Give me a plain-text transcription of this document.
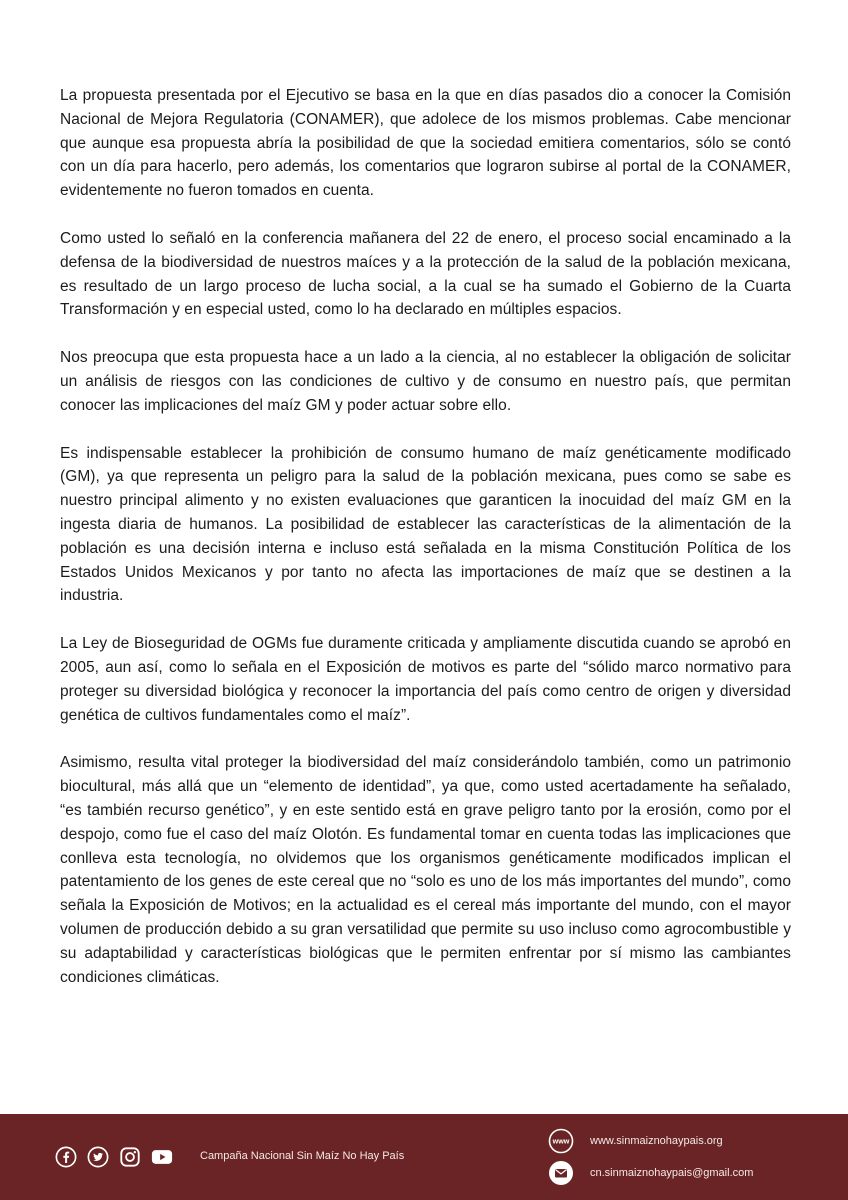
La propuesta presentada por el Ejecutivo se basa en la que en días pasados dio a conocer la Comisión Nacional de Mejora Regulatoria (CONAMER), que adolece de los mismos problemas. Cabe mencionar que aunque esa propuesta abría la posibilidad de que la sociedad emitiera comentarios, sólo se contó con un día para hacerlo, pero además, los comentarios que lograron subirse al portal de la CONAMER, evidentemente no fueron tomados en cuenta.

Como usted lo señaló en la conferencia mañanera del 22 de enero, el proceso social encaminado a la defensa de la biodiversidad de nuestros maíces y a la protección de la salud de la población mexicana, es resultado de un largo proceso de lucha social, a la cual se ha sumado el Gobierno de la Cuarta Transformación y en especial usted, como lo ha declarado en múltiples espacios.

Nos preocupa que esta propuesta hace a un lado a la ciencia, al no establecer la obligación de solicitar un análisis de riesgos con las condiciones de cultivo y de consumo en nuestro país, que permitan conocer las implicaciones del maíz GM y poder actuar sobre ello.

Es indispensable establecer la prohibición de consumo humano de maíz genéticamente modificado (GM), ya que representa un peligro para la salud de la población mexicana, pues como se sabe es nuestro principal alimento y no existen evaluaciones que garanticen la inocuidad del maíz GM en la ingesta diaria de humanos. La posibilidad de establecer las características de la alimentación de la población es una decisión interna e incluso está señalada en la misma Constitución Política de los Estados Unidos Mexicanos y por tanto no afecta las importaciones de maíz que se destinen a la industria.

La Ley de Bioseguridad de OGMs fue duramente criticada y ampliamente discutida cuando se aprobó en 2005, aun así, como lo señala en el Exposición de motivos es parte del “sólido marco normativo para proteger su diversidad biológica y reconocer la importancia del país como centro de origen y diversidad genética de cultivos fundamentales como el maíz”.

Asimismo, resulta vital proteger la biodiversidad del maíz considerándolo también, como un patrimonio biocultural, más allá que un “elemento de identidad”, ya que, como usted acertadamente ha señalado, “es también recurso genético”, y en este sentido está en grave peligro tanto por la erosión, como por el despojo, como fue el caso del maíz Olotón. Es fundamental tomar en cuenta todas las implicaciones que conlleva esta tecnología, no olvidemos que los organismos genéticamente modificados implican el patentamiento de los genes de este cereal que no “solo es uno de los más importantes del mundo”, como señala la Exposición de Motivos; en la actualidad es el cereal más importante del mundo, con el mayor volumen de producción debido a su gran versatilidad que permite su uso incluso como agrocombustible y su adaptabilidad y características biológicas que le permiten enfrentar por sí mismo las cambiantes condiciones climáticas.

Campaña Nacional Sin Maíz No Hay País
www www.sinmaiznohaypais.org
cn.sinmaiznohaypais@gmail.com
